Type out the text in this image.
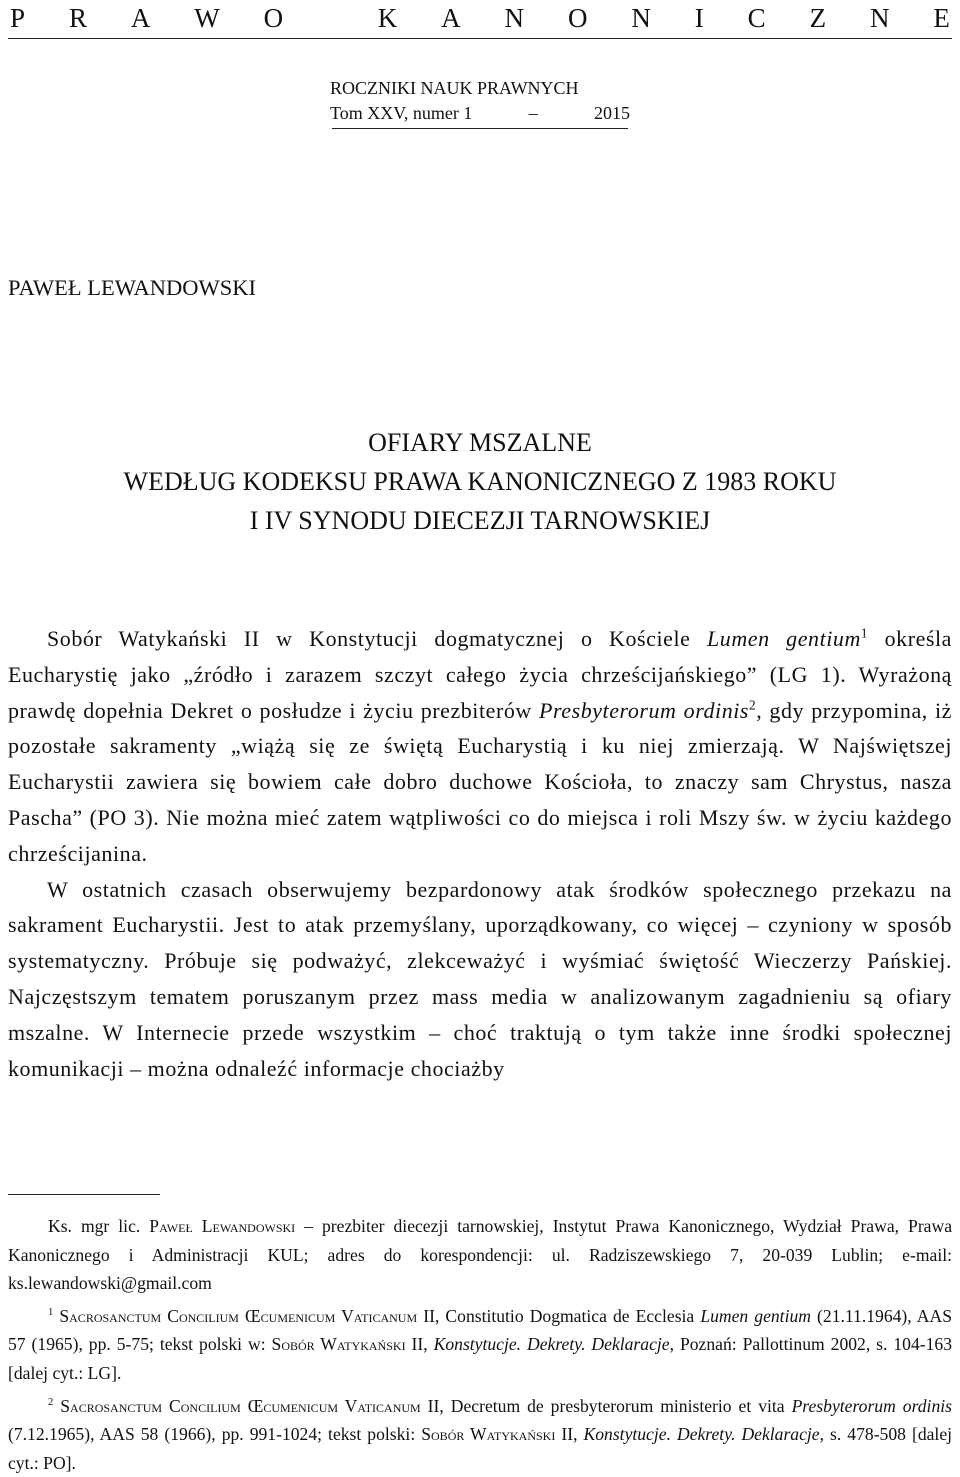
P R A W O
	K A N O N I C Z N E
ROCZNIKI NAUK PRAWNYCH
Tom XXV, numer 1	–	2015
PAWEŁ LEWANDOWSKI
OFIARY MSZALNE
WEDŁUG KODEKSU PRAWA KANONICZNEGO Z 1983 ROKU
I IV SYNODU DIECEZJI TARNOWSKIEJ

Sobór Watykański II w Konstytucji dogmatycznej o Kościele Lumen gentium$^1$ określa Eucharystię jako „źródło i zarazem szczyt całego życia chrześcijańskiego” (LG 1). Wyrażoną prawdę dopełnia Dekret o posłudze i życiu prezbiterów Presbyterorum ordinis$^2$, gdy przypomina, iż pozostałe sakramenty „wiążą się ze świętą Eucharystią i ku niej zmierzają. W Najświętszej Eucharystii zawiera się bowiem całe dobro duchowe Kościoła, to znaczy sam Chrystus, nasza Pascha” (PO 3). Nie można mieć zatem wątpliwości co do miejsca i roli Mszy św. w życiu każdego chrześcijanina.

W ostatnich czasach obserwujemy bezpardonowy atak środków społecznego przekazu na sakrament Eucharystii. Jest to atak przemyślany, uporządkowany, co więcej – czyniony w sposób systematyczny. Próbuje się podważyć, zlekceważyć i wyśmiać świętość Wieczerzy Pańskiej. Najczęstszym tematem poruszanym przez mass media w analizowanym zagadnieniu są ofiary mszalne. W Internecie przede wszystkim – choć traktują o tym także inne środki społecznej komunikacji – można odnaleźć informacje chociażby

Ks. mgr lic. Paweł Lewandowski – prezbiter diecezji tarnowskiej, Instytut Prawa Kanonicznego, Wydział Prawa, Prawa Kanonicznego i Administracji KUL; adres do korespondencji: ul. Radziszewskiego 7, 20-039 Lublin; e-mail: ks.lewandowski@gmail.com

$^1$ Sacrosanctum Concilium Œcumenicum Vaticanum II, Constitutio Dogmatica de Ecclesia Lumen gentium (21.11.1964), AAS 57 (1965), pp. 5-75; tekst polski w: Sobór Watykański II, Konstytucje. Dekrety. Deklaracje, Poznań: Pallottinum 2002, s. 104-163 [dalej cyt.: LG].

$^2$ Sacrosanctum Concilium Œcumenicum Vaticanum II, Decretum de presbyterorum ministerio et vita Presbyterorum ordinis (7.12.1965), AAS 58 (1966), pp. 991-1024; tekst polski: Sobór Watykański II, Konstytucje. Dekrety. Deklaracje, s. 478-508 [dalej cyt.: PO].
